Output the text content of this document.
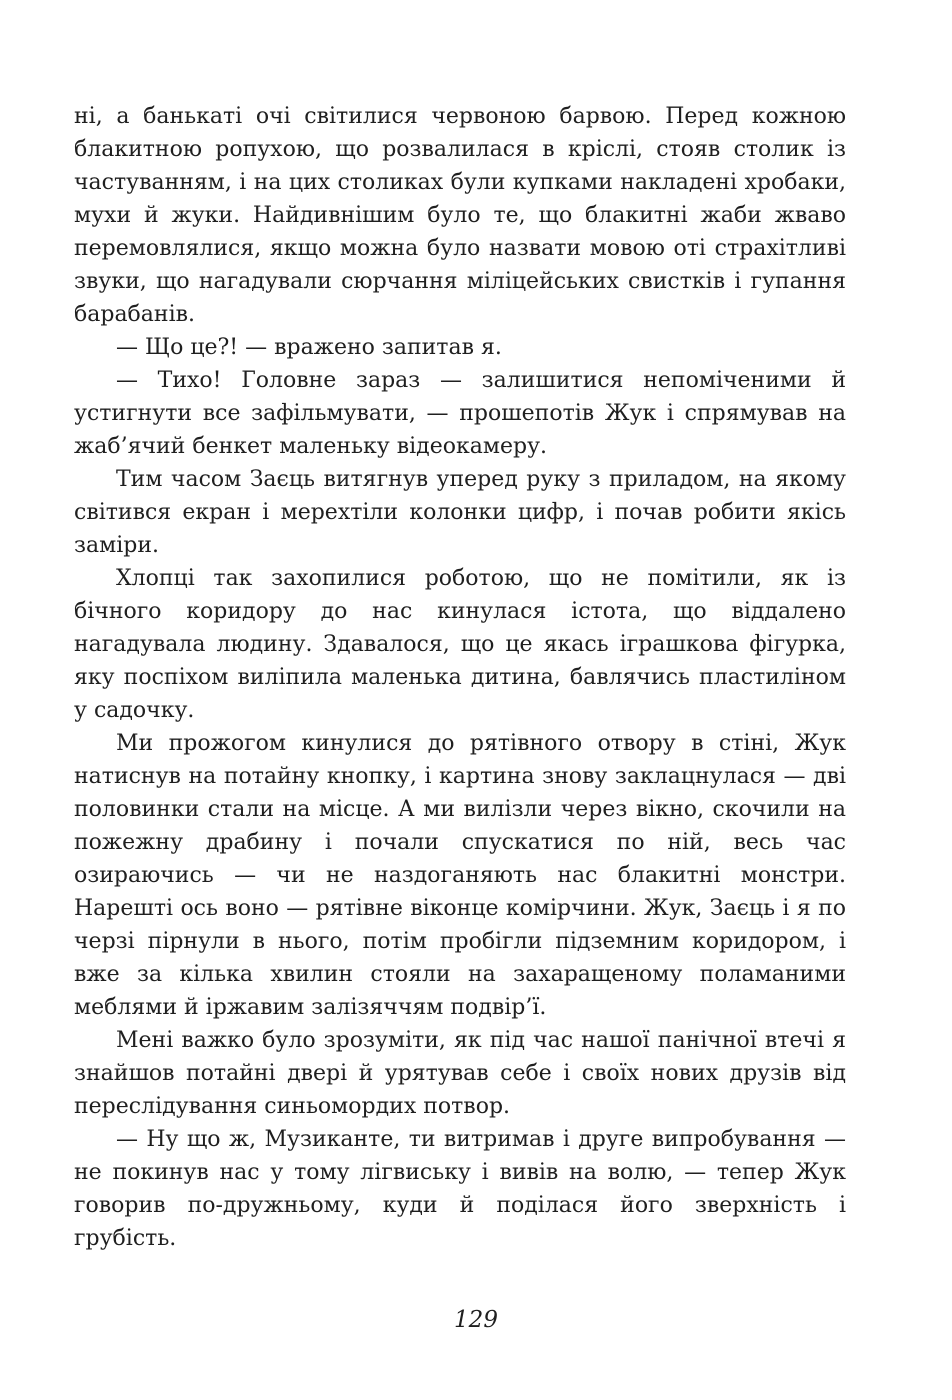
ні, а банькаті очі світилися червоною барвою. Перед кожною блакитною ропухою, що розвалилася в кріслі, стояв столик із частуванням, і на цих столиках були купками накладені хробаки, мухи й жуки. Найдивнішим було те, що блакитні жаби жваво перемовлялися, якщо можна було назвати мовою оті страхітливі звуки, що нагадували сюрчання міліцейських свистків і гупання барабанів.

— Що це?! — вражено запитав я.

— Тихо! Головне зараз — залишитися непоміченими й устигнути все зафільмувати, — прошепотів Жук і спрямував на жаб’ячий бенкет маленьку відеокамеру.

Тим часом Заєць витягнув уперед руку з приладом, на якому світився екран і мерехтіли колонки цифр, і почав робити якісь заміри.

Хлопці так захопилися роботою, що не помітили, як із бічного коридору до нас кинулася істота, що віддалено нагадувала людину. Здавалося, що це якась іграшкова фігурка, яку поспіхом виліпила маленька дитина, бавлячись пластиліном у садочку.

Ми прожогом кинулися до рятівного отвору в стіні, Жук натиснув на потайну кнопку, і картина знову заклацнулася — дві половинки стали на місце. А ми вилізли через вікно, скочили на пожежну драбину і почали спускатися по ній, весь час озираючись — чи не наздоганяють нас блакитні монстри. Нарешті ось воно — рятівне віконце комірчини. Жук, Заєць і я по черзі пірнули в нього, потім пробігли підземним коридором, і вже за кілька хвилин стояли на захаращеному поламаними меблями й іржавим залізяччям подвір’ї.

Мені важко було зрозуміти, як під час нашої панічної втечі я знайшов потайні двері й урятував себе і своїх нових друзів від переслідування синьомордих потвор.

— Ну що ж, Музиканте, ти витримав і друге випробування — не покинув нас у тому лігвиську і вивів на волю, — тепер Жук говорив по-дружньому, куди й поділася його зверхність і грубість.

129
